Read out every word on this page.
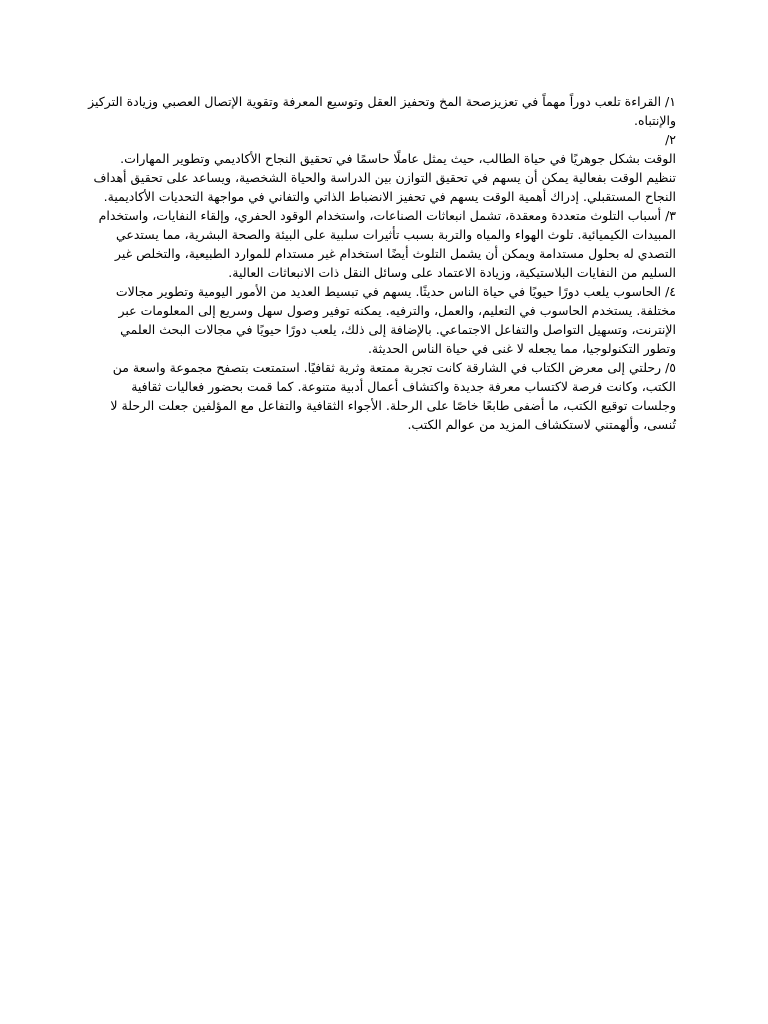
١/ القراءة تلعب دوراً مهماً في تعزيزصحة المخ وتحفيز العقل وتوسيع المعرفة وتقوية الإتصال العصبي وزيادة التركيز والإنتباه.

٢/

الوقت بشكل جوهريًا في حياة الطالب، حيث يمثل عاملًا حاسمًا في تحقيق النجاح الأكاديمي وتطوير المهارات. تنظيم الوقت بفعالية يمكن أن يسهم في تحقيق التوازن بين الدراسة والحياة الشخصية، ويساعد على تحقيق أهداف النجاح المستقبلي. إدراك أهمية الوقت يسهم في تحفيز الانضباط الذاتي والتفاني في مواجهة التحديات الأكاديمية.

٣/ أسباب التلوث متعددة ومعقدة، تشمل انبعاثات الصناعات، واستخدام الوقود الحفري، وإلقاء النفايات، واستخدام المبيدات الكيميائية. تلوث الهواء والمياه والتربة بسبب تأثيرات سلبية على البيئة والصحة البشرية، مما يستدعي التصدي له بحلول مستدامة ويمكن أن يشمل التلوث أيضًا استخدام غير مستدام للموارد الطبيعية، والتخلص غير السليم من النفايات البلاستيكية، وزيادة الاعتماد على وسائل النقل ذات الانبعاثات العالية.

٤/ الحاسوب يلعب دورًا حيويًا في حياة الناس حديثًا. يسهم في تبسيط العديد من الأمور اليومية وتطوير مجالات مختلفة. يستخدم الحاسوب في التعليم، والعمل، والترفيه. يمكنه توفير وصول سهل وسريع إلى المعلومات عبر الإنترنت، وتسهيل التواصل والتفاعل الاجتماعي. بالإضافة إلى ذلك، يلعب دورًا حيويًا في مجالات البحث العلمي وتطور التكنولوجيا، مما يجعله لا غنى في حياة الناس الحديثة.

٥/ رحلتي إلى معرض الكتاب في الشارقة كانت تجربة ممتعة وثرية ثقافيًا. استمتعت بتصفح مجموعة واسعة من الكتب، وكانت فرصة لاكتساب معرفة جديدة واكتشاف أعمال أدبية متنوعة. كما قمت بحضور فعاليات ثقافية وجلسات توقيع الكتب، ما أضفى طابعًا خاصًا على الرحلة. الأجواء الثقافية والتفاعل مع المؤلفين جعلت الرحلة لا تُنسى، وألهمتني لاستكشاف المزيد من عوالم الكتب.
